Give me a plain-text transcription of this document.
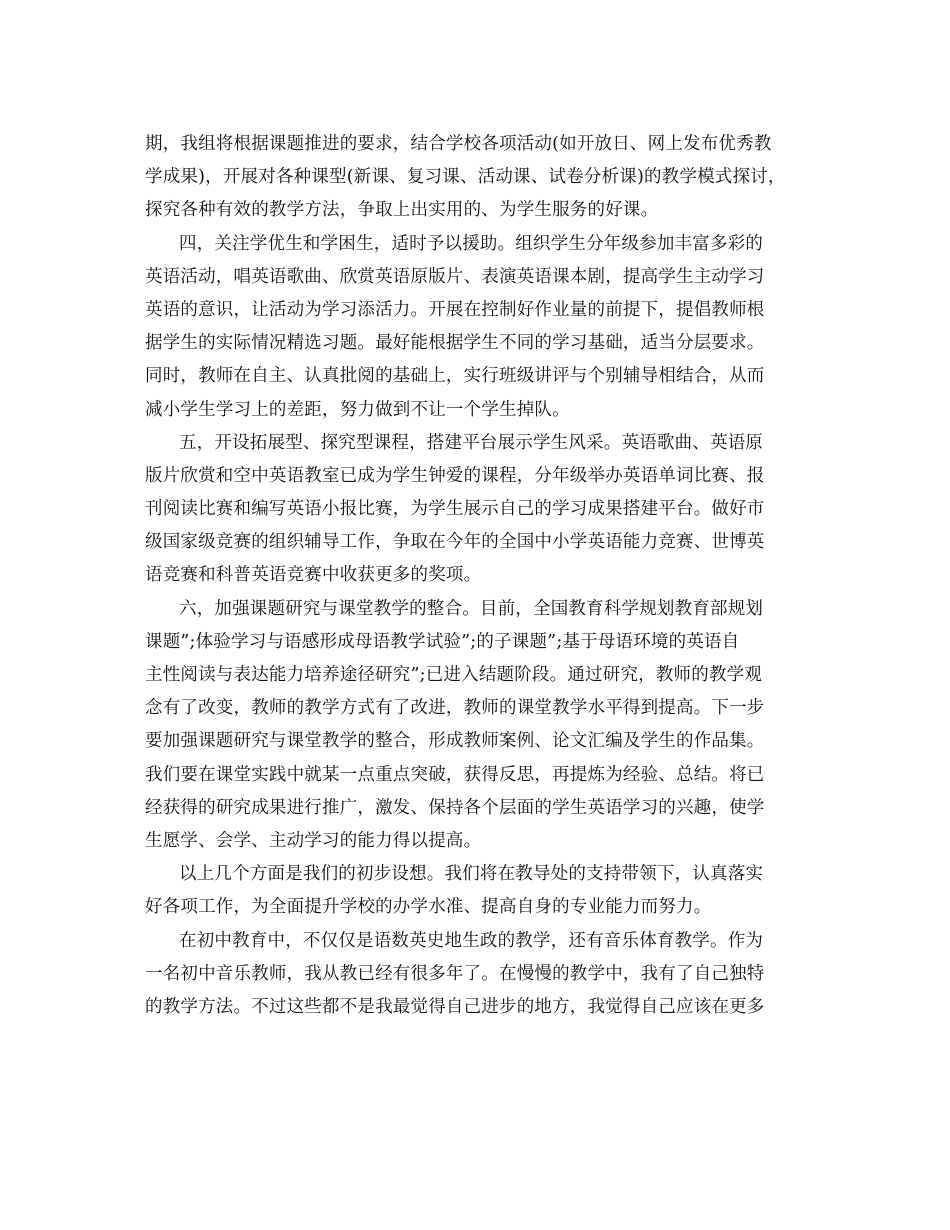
期，我组将根据课题推进的要求，结合学校各项活动(如开放日、网上发布优秀教
学成果)，开展对各种课型(新课、复习课、活动课、试卷分析课)的教学模式探讨，
探究各种有效的教学方法，争取上出实用的、为学生服务的好课。
四，关注学优生和学困生，适时予以援助。组织学生分年级参加丰富多彩的
英语活动，唱英语歌曲、欣赏英语原版片、表演英语课本剧，提高学生主动学习
英语的意识，让活动为学习添活力。开展在控制好作业量的前提下，提倡教师根
据学生的实际情况精选习题。最好能根据学生不同的学习基础，适当分层要求。
同时，教师在自主、认真批阅的基础上，实行班级讲评与个别辅导相结合，从而
减小学生学习上的差距，努力做到不让一个学生掉队。
五，开设拓展型、探究型课程，搭建平台展示学生风采。英语歌曲、英语原
版片欣赏和空中英语教室已成为学生钟爱的课程，分年级举办英语单词比赛、报
刊阅读比赛和编写英语小报比赛，为学生展示自己的学习成果搭建平台。做好市
级国家级竞赛的组织辅导工作，争取在今年的全国中小学英语能力竞赛、世博英
语竞赛和科普英语竞赛中收获更多的奖项。
六，加强课题研究与课堂教学的整合。目前，全国教育科学规划教育部规划
课题”;体验学习与语感形成母语教学试验”;的子课题”;基于母语环境的英语自
主性阅读与表达能力培养途径研究”;已进入结题阶段。通过研究，教师的教学观
念有了改变，教师的教学方式有了改进，教师的课堂教学水平得到提高。下一步
要加强课题研究与课堂教学的整合，形成教师案例、论文汇编及学生的作品集。
我们要在课堂实践中就某一点重点突破，获得反思，再提炼为经验、总结。将已
经获得的研究成果进行推广，激发、保持各个层面的学生英语学习的兴趣，使学
生愿学、会学、主动学习的能力得以提高。
以上几个方面是我们的初步设想。我们将在教导处的支持带领下，认真落实
好各项工作，为全面提升学校的办学水准、提高自身的专业能力而努力。
在初中教育中，不仅仅是语数英史地生政的教学，还有音乐体育教学。作为
一名初中音乐教师，我从教已经有很多年了。在慢慢的教学中，我有了自己独特
的教学方法。不过这些都不是我最觉得自己进步的地方，我觉得自己应该在更多
